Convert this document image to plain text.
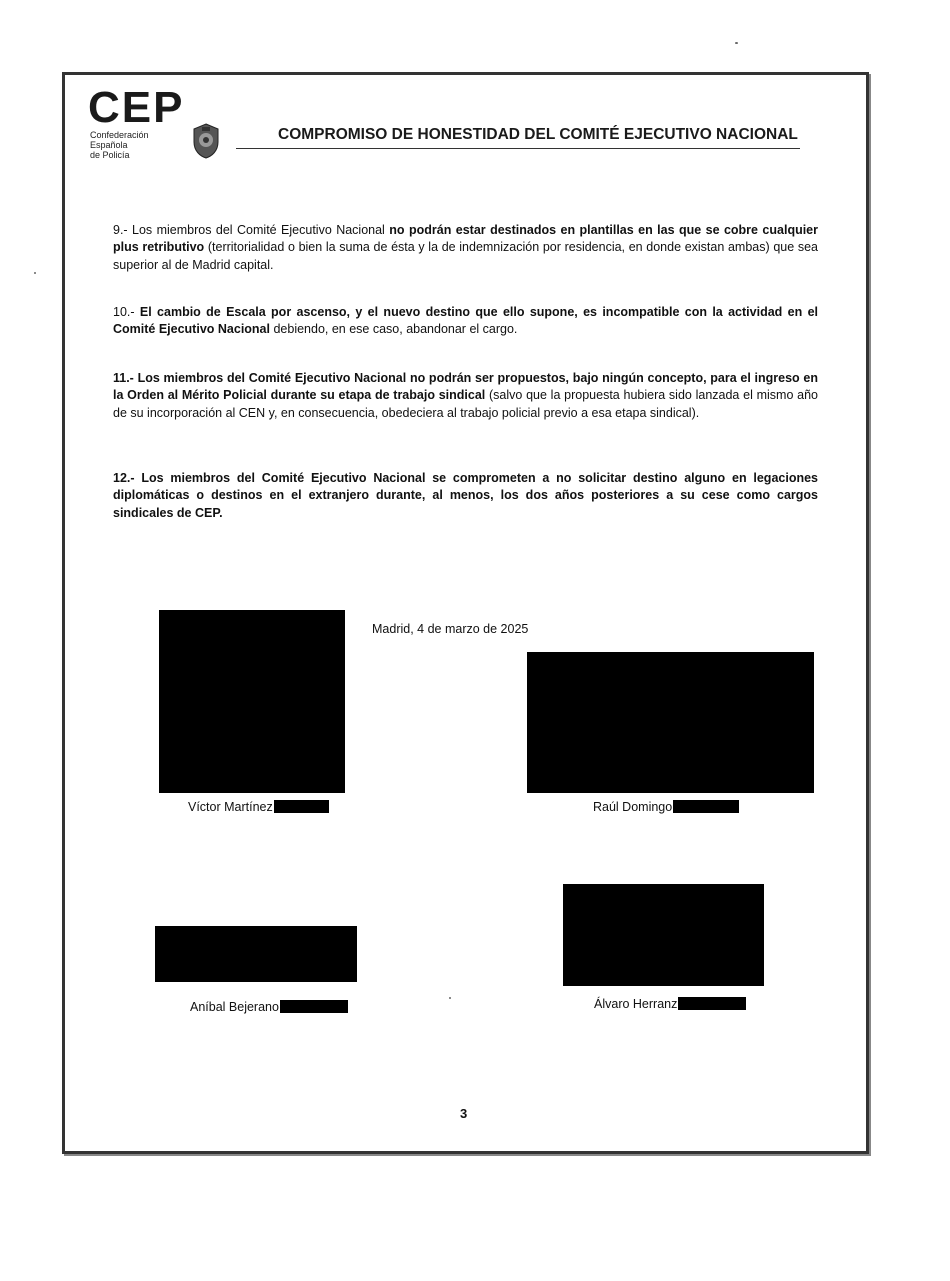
CEP
Confederación
Española
de Policía
COMPROMISO DE HONESTIDAD DEL COMITÉ EJECUTIVO NACIONAL
9.- Los miembros del Comité Ejecutivo Nacional no podrán estar destinados en plantillas en las que se cobre cualquier plus retributivo (territorialidad o bien la suma de ésta y la de indemnización por residencia, en donde existan ambas) que sea superior al de Madrid capital.
10.- El cambio de Escala por ascenso, y el nuevo destino que ello supone, es incompatible con la actividad en el Comité Ejecutivo Nacional debiendo, en ese caso, abandonar el cargo.
11.- Los miembros del Comité Ejecutivo Nacional no podrán ser propuestos, bajo ningún concepto, para el ingreso en la Orden al Mérito Policial durante su etapa de trabajo sindical (salvo que la propuesta hubiera sido lanzada el mismo año de su incorporación al CEN y, en consecuencia, obedeciera al trabajo policial previo a esa etapa sindical).
12.- Los miembros del Comité Ejecutivo Nacional se comprometen a no solicitar destino alguno en legaciones diplomáticas o destinos en el extranjero durante, al menos, los dos años posteriores a su cese como cargos sindicales de CEP.
Madrid, 4 de marzo de 2025
Víctor Martínez	Raúl Domingo
Aníbal Bejerano	Álvaro Herranz
3
